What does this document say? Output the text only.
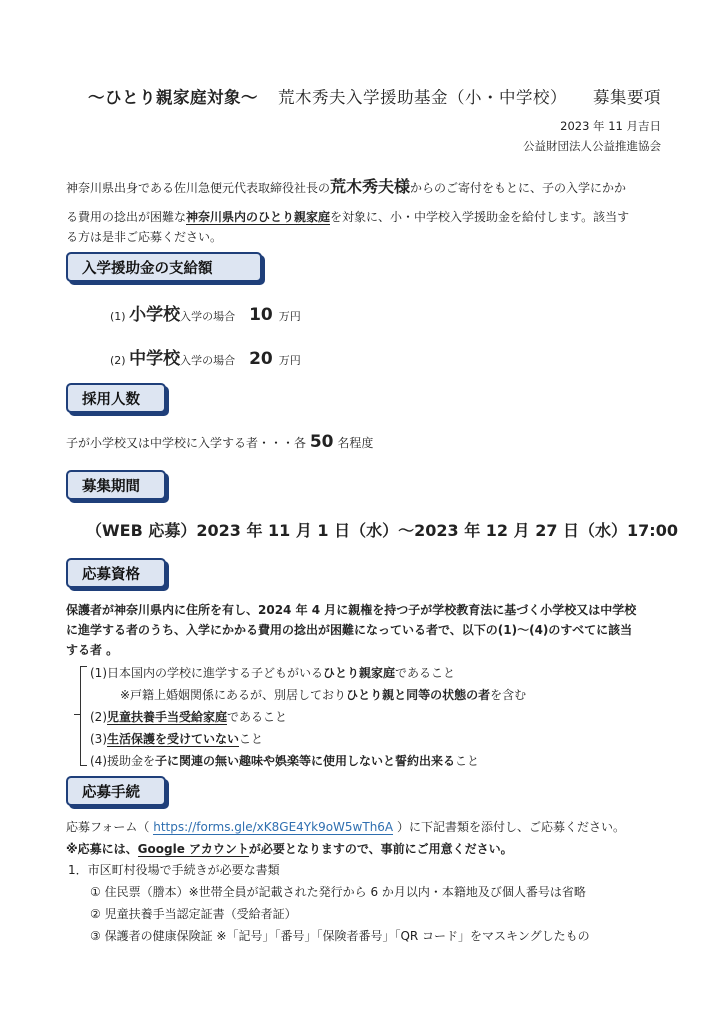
〜ひとり親家庭対象〜 荒木秀夫入学援助基金（小・中学校） 募集要項
2023 年 11 月吉日
公益財団法人公益推進協会
神奈川県出身である佐川急便元代表取締役社長の荒木秀夫様からのご寄付をもとに、子の入学にかか
る費用の捻出が困難な神奈川県内のひとり親家庭を対象に、小・中学校入学援助金を給付します。該当す
る方は是非ご応募ください。
入学援助金の支給額
(1) 小学校入学の場合 10 万円
(2) 中学校入学の場合 20 万円
採用人数
子が小学校又は中学校に入学する者・・・各 50 名程度
募集期間
（WEB 応募）2023 年 11 月 1 日（水）〜2023 年 12 月 27 日（水）17:00
応募資格
保護者が神奈川県内に住所を有し、2024 年 4 月に親権を持つ子が学校教育法に基づく小学校又は中学校
に進学する者のうち、入学にかかる費用の捻出が困難になっている者で、以下の(1)〜(4)のすべてに該当
する者 。
(1)日本国内の学校に進学する子どもがいるひとり親家庭であること
※戸籍上婚姻関係にあるが、別居しておりひとり親と同等の状態の者を含む
(2)児童扶養手当受給家庭であること
(3)生活保護を受けていないこと
(4)援助金を子に関連の無い趣味や娯楽等に使用しないと誓約出来ること
応募手続
応募フォーム（ https://forms.gle/xK8GE4Yk9oW5wTh6A ）に下記書類を添付し、ご応募ください。
※応募には、Google アカウントが必要となりますので、事前にご用意ください。
1．市区町村役場で手続きが必要な書類
① 住民票（謄本）※世帯全員が記載された発行から 6 か月以内・本籍地及び個人番号は省略
② 児童扶養手当認定証書（受給者証）
③ 保護者の健康保険証 ※「記号」「番号」「保険者番号」「QR コード」をマスキングしたもの
